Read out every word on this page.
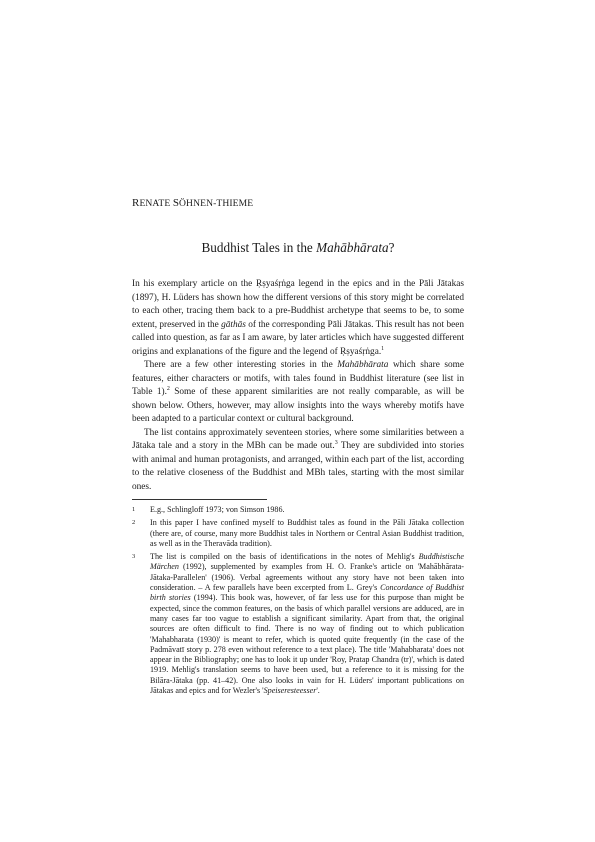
RENATE SÖHNEN-THIEME
Buddhist Tales in the Mahābhārata?

In his exemplary article on the Ṛṣyaśṛṅga legend in the epics and in the Pāli Jātakas (1897), H. Lüders has shown how the different versions of this story might be correlated to each other, tracing them back to a pre-Buddhist archetype that seems to be, to some extent, preserved in the gāthās of the corresponding Pāli Jātakas. This result has not been called into question, as far as I am aware, by later articles which have suggested different origins and explanations of the figure and the legend of Ṛṣyaśṛṅga.$^1$

There are a few other interesting stories in the Mahābhārata which share some features, either characters or motifs, with tales found in Buddhist literature (see list in Table 1).$^2$ Some of these apparent similarities are not really comparable, as will be shown below. Others, however, may allow insights into the ways whereby motifs have been adapted to a particular context or cultural background.

The list contains approximately seventeen stories, where some similarities between a Jātaka tale and a story in the MBh can be made out.$^3$ They are subdivided into stories with animal and human protagonists, and arranged, within each part of the list, according to the relative closeness of the Buddhist and MBh tales, starting with the most similar ones.

1	E.g., Schlingloff 1973; von Simson 1986.
2	In this paper I have confined myself to Buddhist tales as found in the Pāli Jātaka collection (there are, of course, many more Buddhist tales in Northern or Central Asian Buddhist tradition, as well as in the Theravāda tradition).
3	The list is compiled on the basis of identifications in the notes of Mehlig's Buddhistische Märchen (1992), supplemented by examples from H. O. Franke's article on 'Mahābhārata-Jātaka-Parallelen' (1906). Verbal agreements without any story have not been taken into consideration. – A few parallels have been excerpted from L. Grey's Concordance of Buddhist birth stories (1994). This book was, however, of far less use for this purpose than might be expected, since the common features, on the basis of which parallel versions are adduced, are in many cases far too vague to establish a significant similarity. Apart from that, the original sources are often difficult to find. There is no way of finding out to which publication 'Mahabharata (1930)' is meant to refer, which is quoted quite frequently (in the case of the Padmāvatī story p. 278 even without reference to a text place). The title 'Mahabharata' does not appear in the Bibliography; one has to look it up under 'Roy, Pratap Chandra (tr)', which is dated 1919. Mehlig's translation seems to have been used, but a reference to it is missing for the Bilāra-Jātaka (pp. 41–42). One also looks in vain for H. Lüders' important publications on Jātakas and epics and for Wezler's 'Speiseresteesser'.
